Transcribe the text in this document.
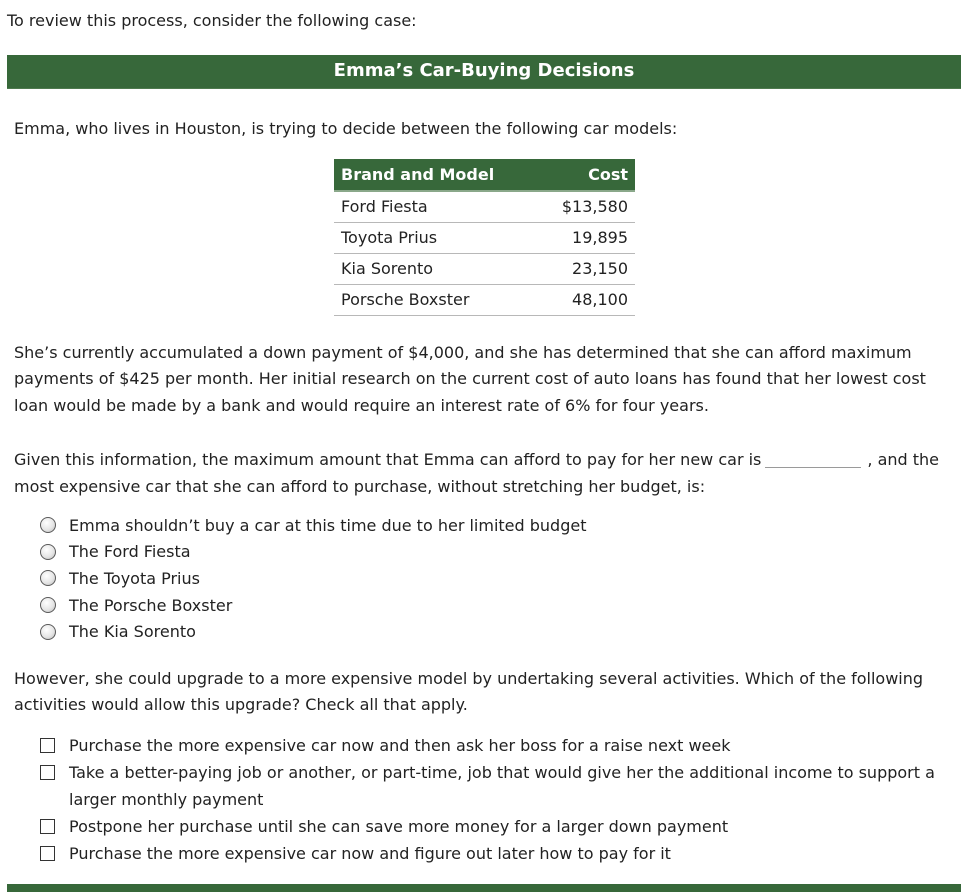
To review this process, consider the following case:
Emma’s Car-Buying Decisions

Emma, who lives in Houston, is trying to decide between the following car models:

Brand and Model	Cost
Ford Fiesta	$13,580
Toyota Prius	19,895
Kia Sorento	23,150
Porsche Boxster	48,100

She’s currently accumulated a down payment of $4,000, and she has determined that she can afford maximum payments of $425 per month. Her initial research on the current cost of auto loans has found that her lowest cost loan would be made by a bank and would require an interest rate of 6% for four years.

Given this information, the maximum amount that Emma can afford to pay for her new car is	, and the most expensive car that she can afford to purchase, without stretching her budget, is:

Emma shouldn’t buy a car at this time due to her limited budget
The Ford Fiesta
The Toyota Prius
The Porsche Boxster
The Kia Sorento

However, she could upgrade to a more expensive model by undertaking several activities. Which of the following activities would allow this upgrade? Check all that apply.

Purchase the more expensive car now and then ask her boss for a raise next week
Take a better-paying job or another, or part-time, job that would give her the additional income to support a larger monthly payment
Postpone her purchase until she can save more money for a larger down payment
Purchase the more expensive car now and figure out later how to pay for it
